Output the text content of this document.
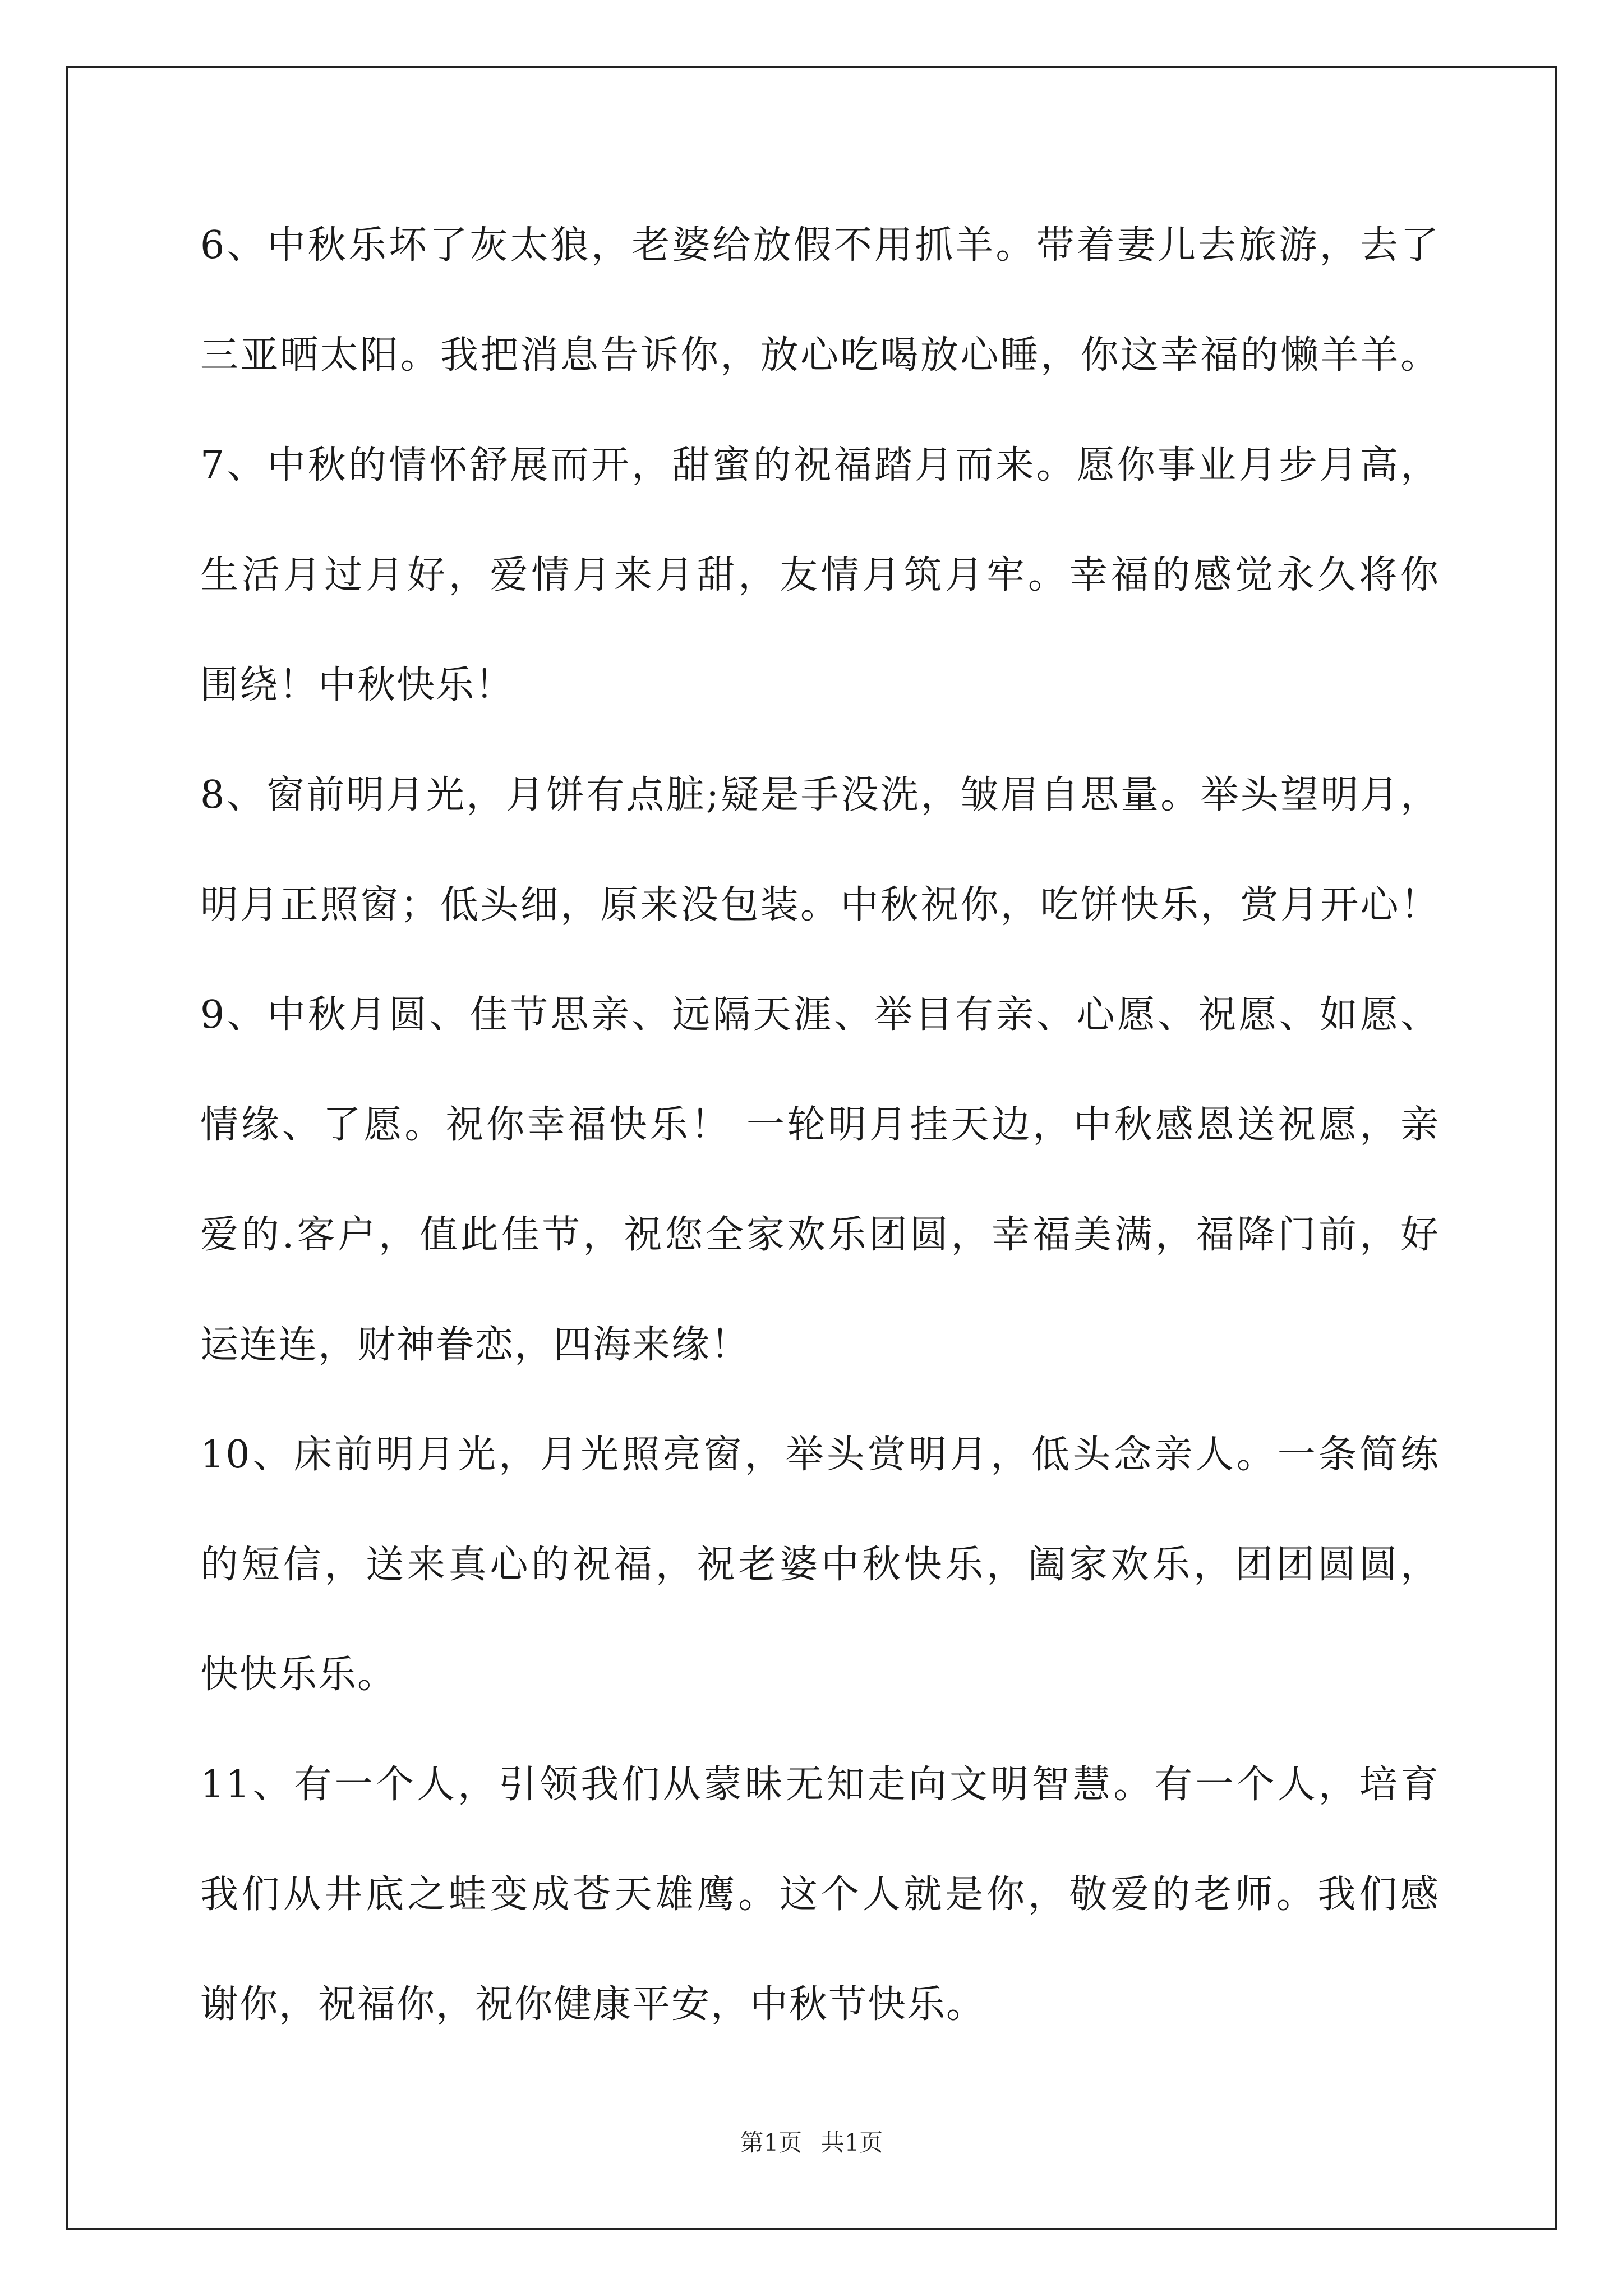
6、中秋乐坏了灰太狼，老婆给放假不用抓羊。带着妻儿去旅游，去了
三亚晒太阳。我把消息告诉你，放心吃喝放心睡，你这幸福的懒羊羊。
7、中秋的情怀舒展而开，甜蜜的祝福踏月而来。愿你事业月步月高，
生活月过月好，爱情月来月甜，友情月筑月牢。幸福的感觉永久将你
围绕！中秋快乐！
8、窗前明月光，月饼有点脏;疑是手没洗，皱眉自思量。举头望明月，
明月正照窗；低头细，原来没包装。中秋祝你，吃饼快乐，赏月开心！
9、中秋月圆、佳节思亲、远隔天涯、举目有亲、心愿、祝愿、如愿、
情缘、了愿。祝你幸福快乐！ 一轮明月挂天边，中秋感恩送祝愿，亲
爱的.客户，值此佳节，祝您全家欢乐团圆，幸福美满，福降门前，好
运连连，财神眷恋，四海来缘！
10、床前明月光，月光照亮窗，举头赏明月，低头念亲人。一条简练
的短信，送来真心的祝福，祝老婆中秋快乐，阖家欢乐，团团圆圆，
快快乐乐。
11、有一个人，引领我们从蒙昧无知走向文明智慧。有一个人，培育
我们从井底之蛙变成苍天雄鹰。这个人就是你，敬爱的老师。我们感
谢你，祝福你，祝你健康平安，中秋节快乐。
第1页 共1页
